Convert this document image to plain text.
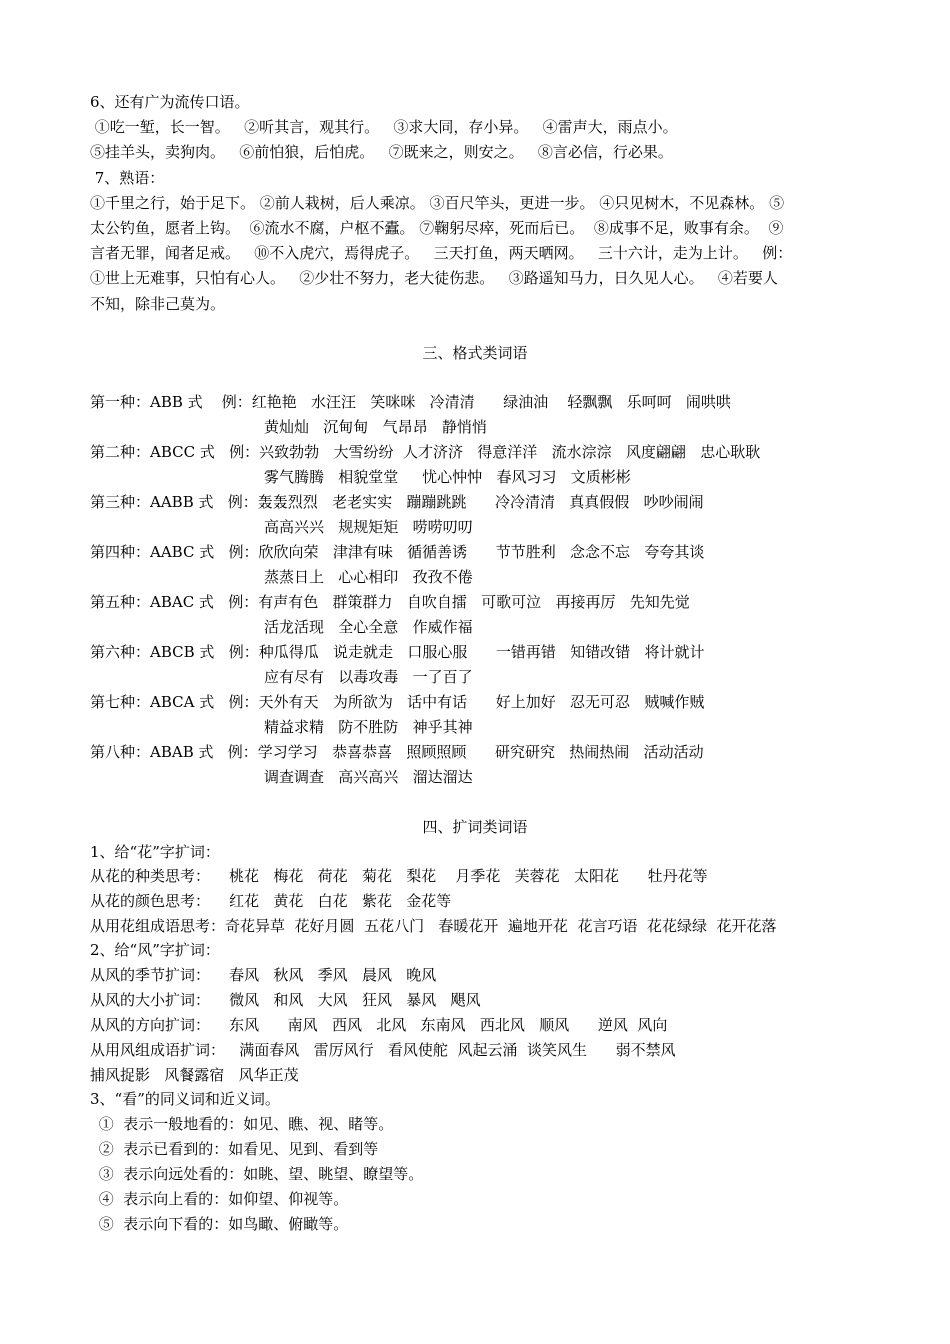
6、还有广为流传口语。
①吃一堑，长一智。   ②听其言，观其行。   ③求大同，存小异。   ④雷声大，雨点小。
⑤挂羊头，卖狗肉。   ⑥前怕狼，后怕虎。   ⑦既来之，则安之。   ⑧言必信，行必果。
7、熟语：
①千里之行，始于足下。 ②前人栽树，后人乘凉。 ③百尺竿头，更进一步。 ④只见树木，不见森林。 ⑤
太公钓鱼，愿者上钩。  ⑥流水不腐，户枢不蠹。 ⑦鞠躬尽瘁，死而后已。  ⑧成事不足，败事有余。  ⑨
言者无罪，闻者足戒。   ⑩不入虎穴，焉得虎子。   三天打鱼，两天晒网。   三十六计，走为上计。   例：
①世上无难事，只怕有心人。   ②少壮不努力，老大徒伤悲。   ③路遥知马力，日久见人心。   ④若要人
不知，除非己莫为。
三、格式类词语
第一种：ABB 式    例：红艳艳   水汪汪   笑咪咪   冷清清      绿油油    轻飘飘   乐呵呵   闹哄哄
黄灿灿   沉甸甸   气昂昂   静悄悄
第二种：ABCC 式   例：兴致勃勃   大雪纷纷  人才济济   得意洋洋   流水淙淙   风度翩翩   忠心耿耿
雾气腾腾   相貌堂堂     忧心忡忡   春风习习   文质彬彬
第三种：AABB 式   例：轰轰烈烈   老老实实   蹦蹦跳跳      冷冷清清   真真假假   吵吵闹闹
高高兴兴   规规矩矩   唠唠叨叨
第四种：AABC 式   例：欣欣向荣   津津有味   循循善诱      节节胜利   念念不忘   夸夸其谈
蒸蒸日上   心心相印   孜孜不倦
第五种：ABAC 式   例：有声有色   群策群力   自吹自擂   可歌可泣   再接再厉   先知先觉
活龙活现   全心全意   作威作福
第六种：ABCB 式   例：种瓜得瓜   说走就走   口服心服      一错再错   知错改错   将计就计
应有尽有   以毒攻毒   一了百了
第七种：ABCA 式   例：天外有天   为所欲为   话中有话      好上加好   忍无可忍   贼喊作贼
精益求精   防不胜防   神乎其神
第八种：ABAB 式   例：学习学习   恭喜恭喜   照顾照顾      研究研究   热闹热闹   活动活动
调查调查   高兴高兴   溜达溜达
四、扩词类词语
1、给“花”字扩词：
从花的种类思考：    桃花   梅花   荷花   菊花   梨花    月季花   芙蓉花   太阳花      牡丹花等
从花的颜色思考：    红花   黄花   白花   紫花   金花等
从用花组成语思考：奇花异草  花好月圆  五花八门   春暖花开  遍地开花  花言巧语  花花绿绿  花开花落
2、给“风”字扩词：
从风的季节扩词：    春风   秋风   季风   晨风   晚风
从风的大小扩词：    微风   和风   大风   狂风   暴风   飓风
从风的方向扩词：    东风      南风   西风   北风   东南风   西北风   顺风      逆风  风向
从用风组成语扩词：   满面春风   雷厉风行   看风使舵  风起云涌  谈笑风生      弱不禁风
捕风捉影   风餐露宿   风华正茂
3、“看”的同义词和近义词。
①  表示一般地看的：如见、瞧、视、睹等。
②  表示已看到的：如看见、见到、看到等
③  表示向远处看的：如眺、望、眺望、瞭望等。
④  表示向上看的：如仰望、仰视等。
⑤  表示向下看的：如鸟瞰、俯瞰等。
